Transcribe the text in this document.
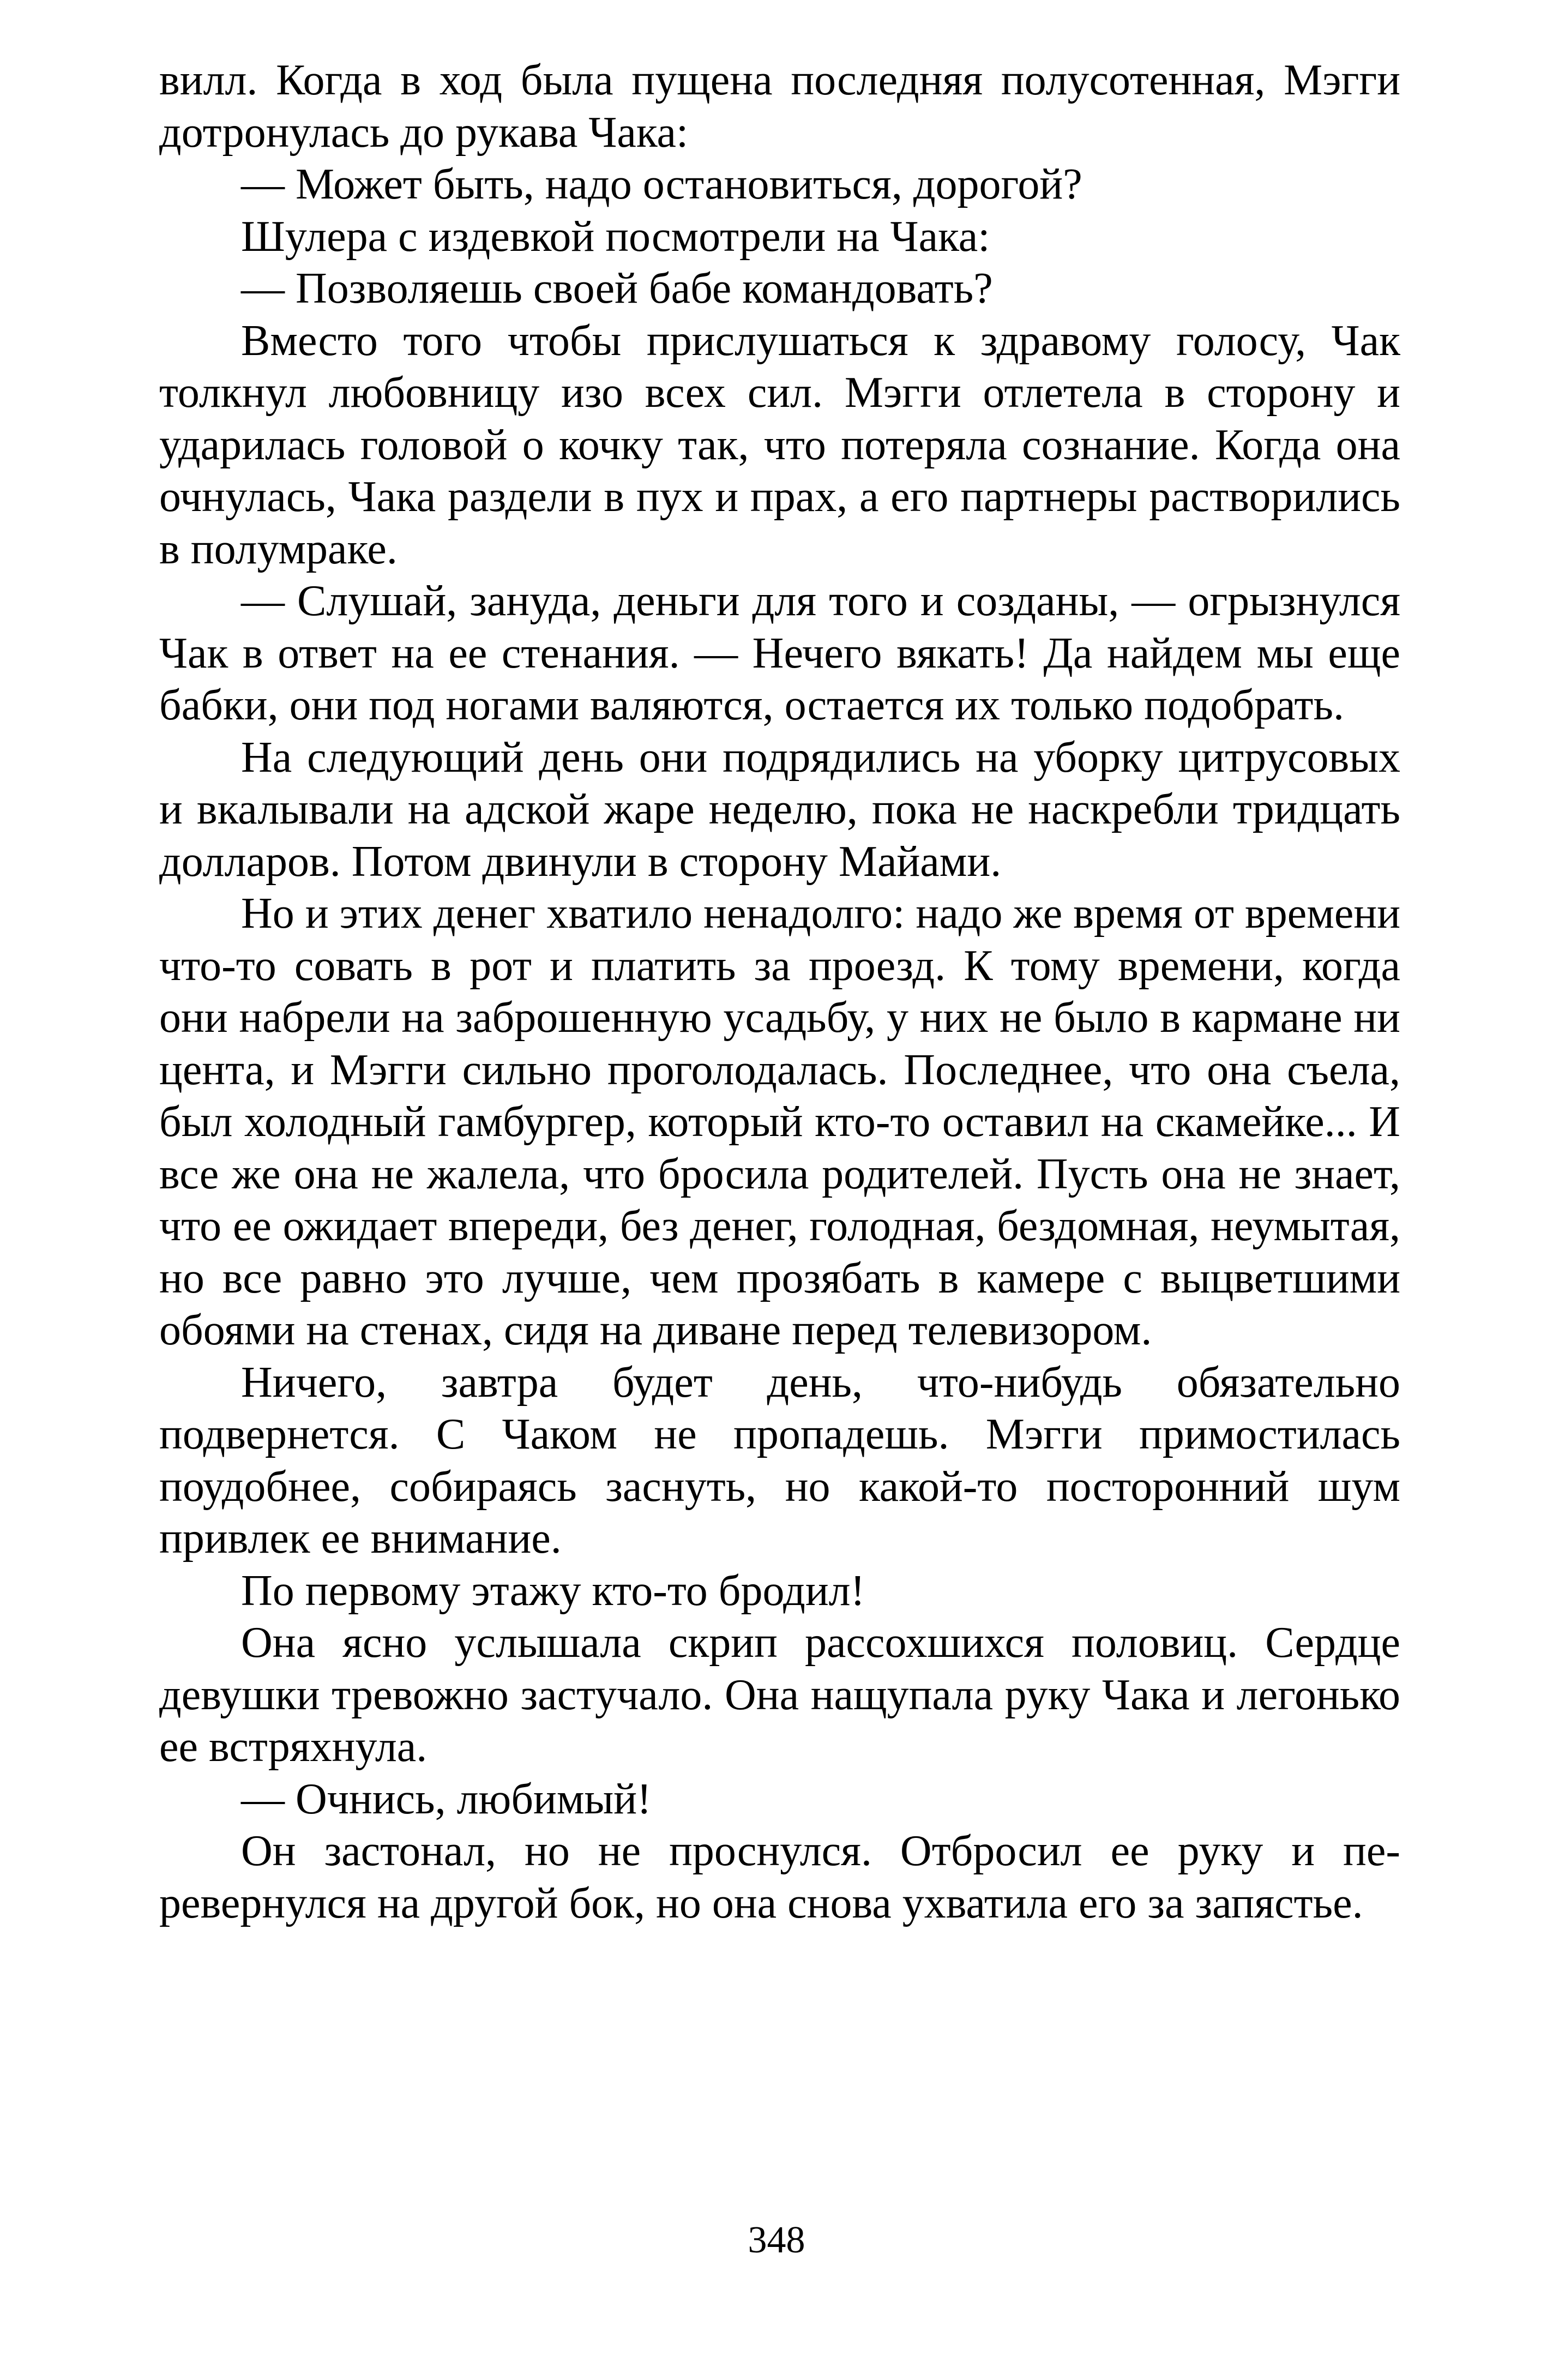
вилл. Когда в ход была пущена последняя полусотенная, Мэгги дотронулась до рукава Чака:

— Может быть, надо остановиться, дорогой?

Шулера с издевкой посмотрели на Чака:

— Позволяешь своей бабе командовать?

Вместо того чтобы прислушаться к здравому голосу, Чак толкнул любовницу изо всех сил. Мэгги отлетела в сторону и ударилась головой о кочку так, что потеряла сознание. Когда она очнулась, Чака раздели в пух и прах, а его партнеры растворились в полумраке.

— Слушай, зануда, деньги для того и созданы, — огрызнулся Чак в ответ на ее стенания. — Нечего вякать! Да найдем мы еще бабки, они под ногами валяются, остается их только подобрать.

На следующий день они подрядились на уборку цитрусовых и вкалывали на адской жаре неделю, пока не наскребли тридцать долларов. Потом двинули в сторону Майами.

Но и этих денег хватило ненадолго: надо же время от времени что-то совать в рот и платить за проезд. К тому времени, когда они набрели на заброшенную усадьбу, у них не было в кармане ни цента, и Мэгги сильно проголодалась. Последнее, что она съела, был холодный гамбургер, который кто-то оставил на скамейке... И все же она не жалела, что бросила родителей. Пусть она не знает, что ее ожидает впереди, без денег, голодная, бездомная, неумытая, но все равно это лучше, чем прозябать в камере с выцветшими обоями на стенах, сидя на диване перед телевизором.

Ничего, завтра будет день, что-нибудь обязательно подвернется. С Чаком не пропадешь. Мэгги примостилась поудобнее, собираясь заснуть, но какой-то посторонний шум привлек ее внимание.

По первому этажу кто-то бродил!

Она ясно услышала скрип рассохшихся половиц. Сердце девушки тревожно застучало. Она нащупала руку Чака и легонько ее встряхнула.

— Очнись, любимый!

Он застонал, но не проснулся. Отбросил ее руку и перевернулся на другой бок, но она снова ухватила его за запястье.

348
